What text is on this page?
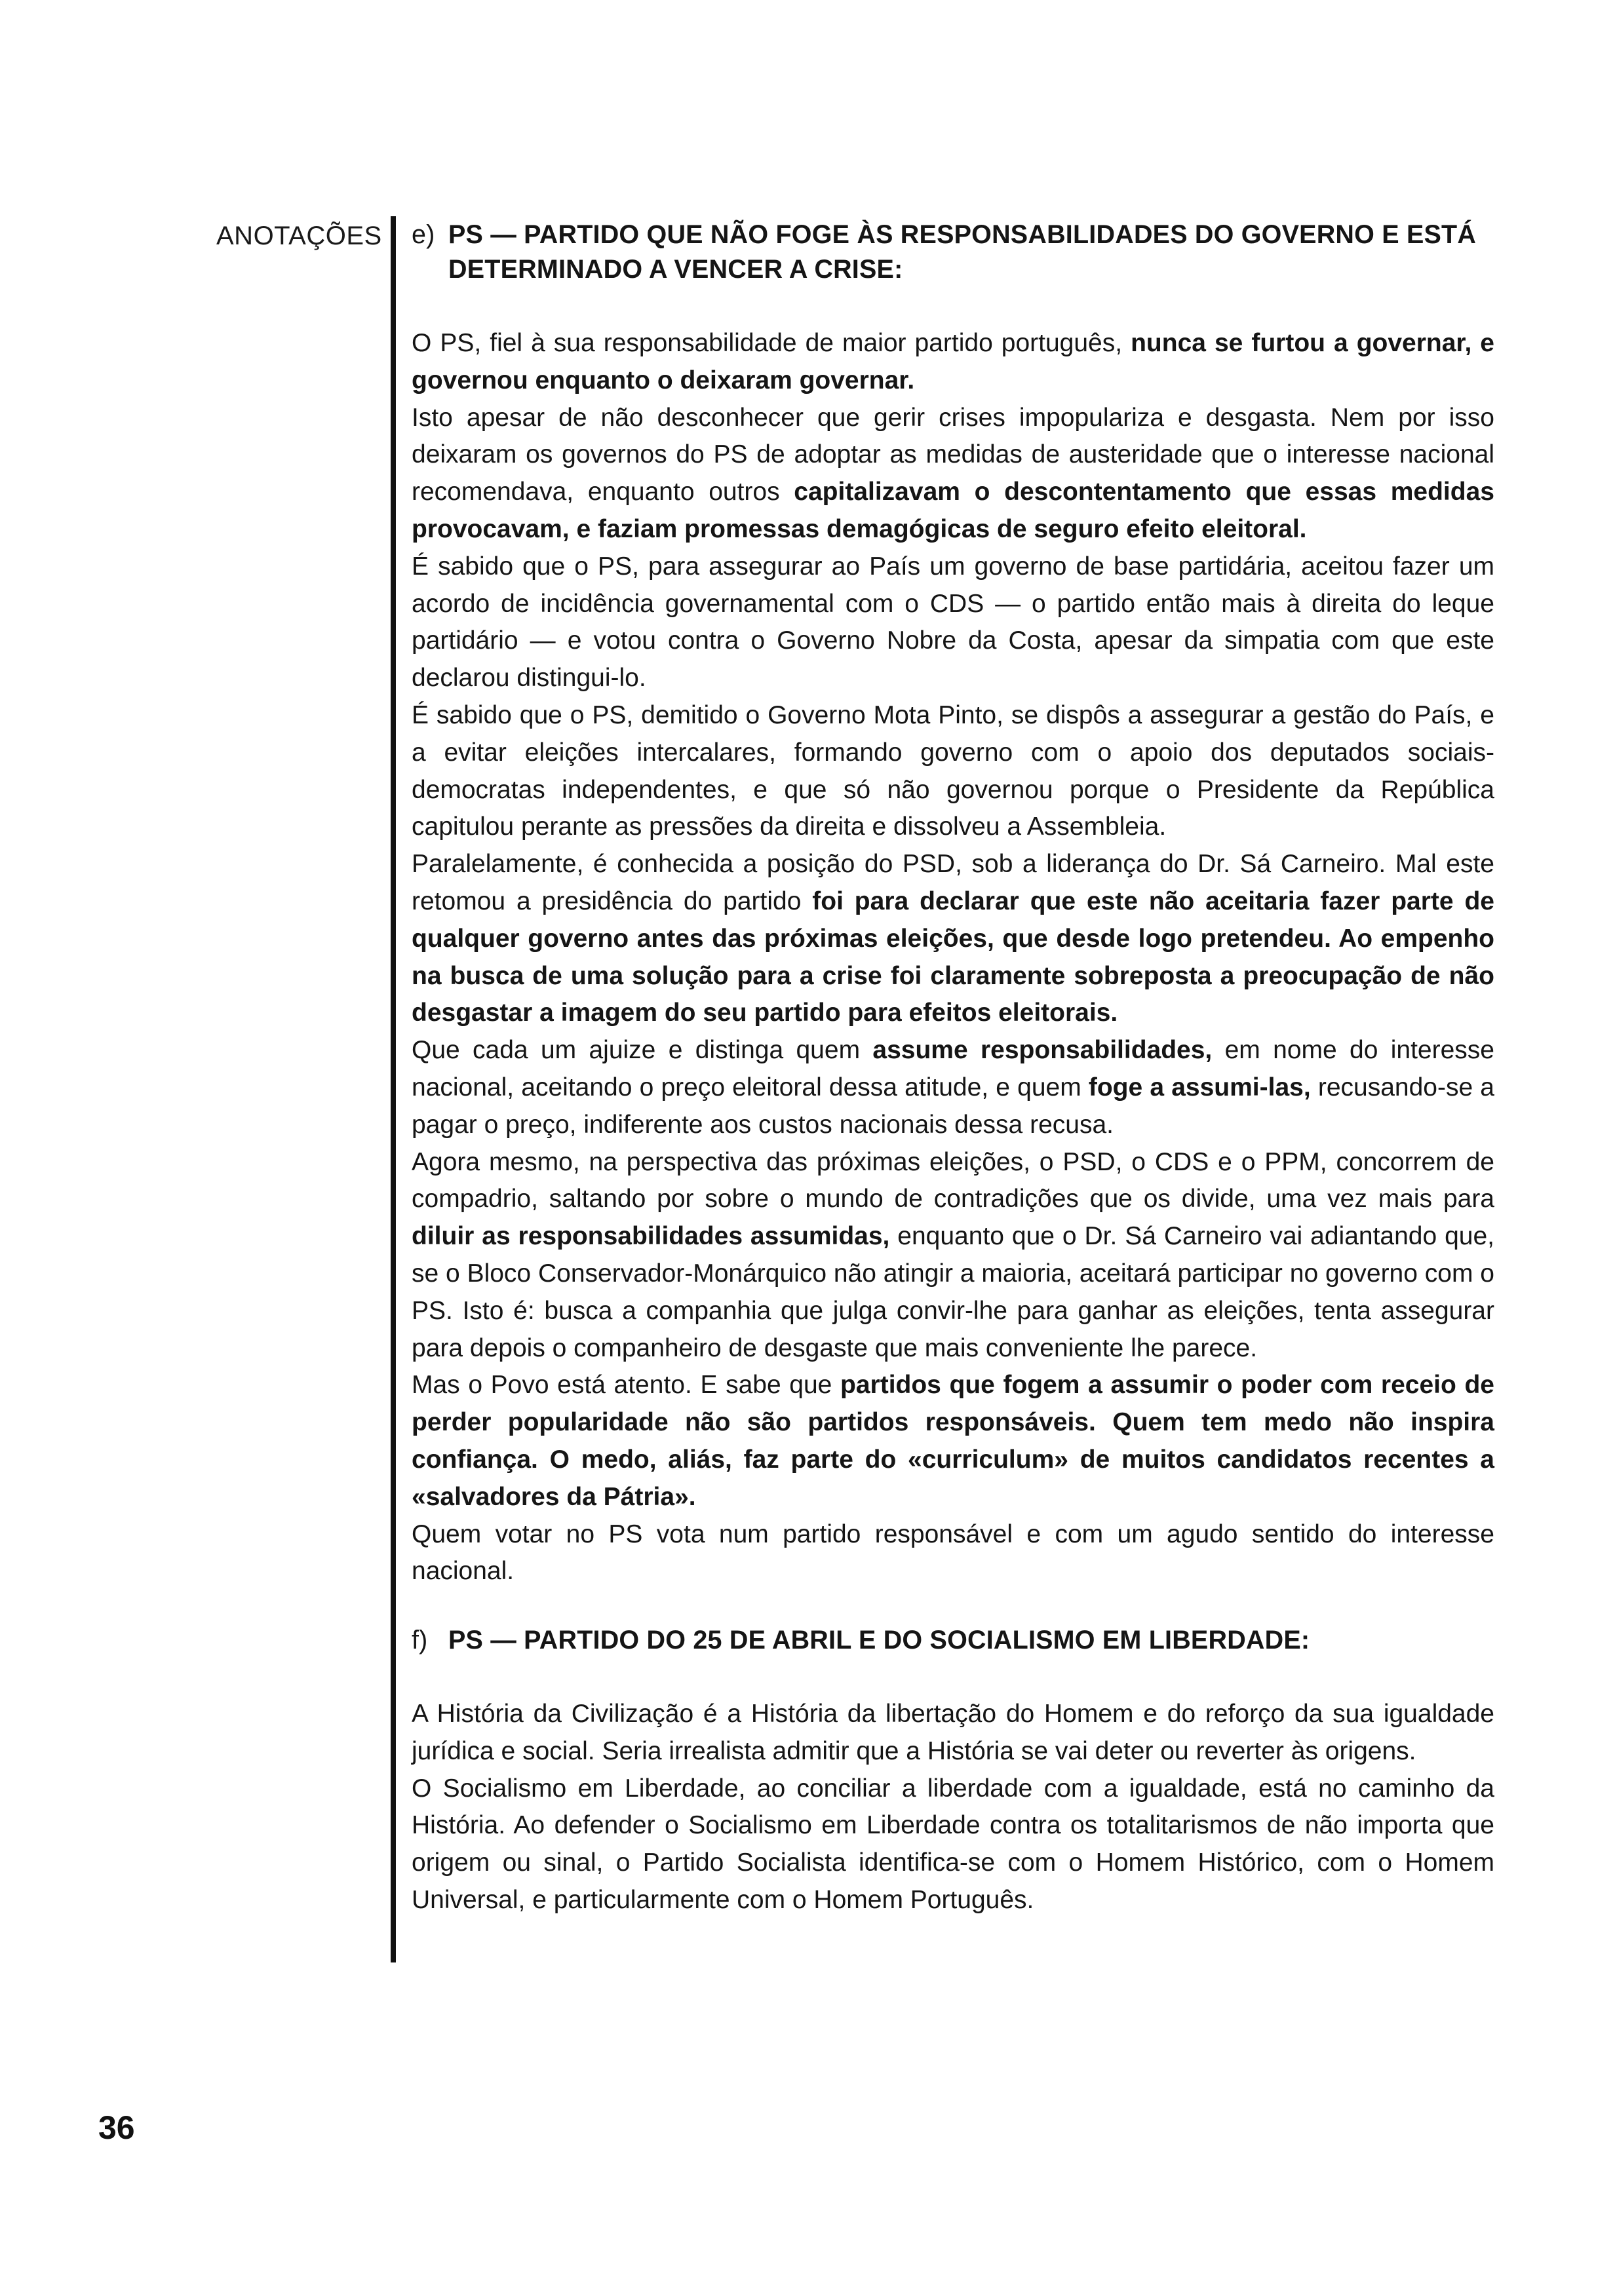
ANOTAÇÕES e) PS — PARTIDO QUE NÃO FOGE ÀS RESPONSABILIDADES DO GOVERNO E ESTÁ DETERMINADO A VENCER A CRISE:

O PS, fiel à sua responsabilidade de maior partido português, nunca se furtou a governar, e governou enquanto o deixaram governar.

Isto apesar de não desconhecer que gerir crises impopulariza e desgasta. Nem por isso deixaram os governos do PS de adoptar as medidas de austeridade que o interesse nacional recomendava, enquanto outros capitalizavam o descontentamento que essas medidas provocavam, e faziam promessas demagógicas de seguro efeito eleitoral.

É sabido que o PS, para assegurar ao País um governo de base partidária, aceitou fazer um acordo de incidência governamental com o CDS — o partido então mais à direita do leque partidário — e votou contra o Governo Nobre da Costa, apesar da simpatia com que este declarou distingui-lo.

É sabido que o PS, demitido o Governo Mota Pinto, se dispôs a assegurar a gestão do País, e a evitar eleições intercalares, formando governo com o apoio dos deputados sociais-democratas independentes, e que só não governou porque o Presidente da República capitulou perante as pressões da direita e dissolveu a Assembleia.

Paralelamente, é conhecida a posição do PSD, sob a liderança do Dr. Sá Carneiro. Mal este retomou a presidência do partido foi para declarar que este não aceitaria fazer parte de qualquer governo antes das próximas eleições, que desde logo pretendeu. Ao empenho na busca de uma solução para a crise foi claramente sobreposta a preocupação de não desgastar a imagem do seu partido para efeitos eleitorais.

Que cada um ajuize e distinga quem assume responsabilidades, em nome do interesse nacional, aceitando o preço eleitoral dessa atitude, e quem foge a assumi-las, recusando-se a pagar o preço, indiferente aos custos nacionais dessa recusa.

Agora mesmo, na perspectiva das próximas eleições, o PSD, o CDS e o PPM, concorrem de compadrio, saltando por sobre o mundo de contradições que os divide, uma vez mais para diluir as responsabilidades assumidas, enquanto que o Dr. Sá Carneiro vai adiantando que, se o Bloco Conservador-Monárquico não atingir a maioria, aceitará participar no governo com o PS. Isto é: busca a companhia que julga convir-lhe para ganhar as eleições, tenta assegurar para depois o companheiro de desgaste que mais conveniente lhe parece.

Mas o Povo está atento. E sabe que partidos que fogem a assumir o poder com receio de perder popularidade não são partidos responsáveis. Quem tem medo não inspira confiança. O medo, aliás, faz parte do «curriculum» de muitos candidatos recentes a «salvadores da Pátria».

Quem votar no PS vota num partido responsável e com um agudo sentido do interesse nacional.

f) PS — PARTIDO DO 25 DE ABRIL E DO SOCIALISMO EM LIBERDADE:

A História da Civilização é a História da libertação do Homem e do reforço da sua igualdade jurídica e social. Seria irrealista admitir que a História se vai deter ou reverter às origens.

O Socialismo em Liberdade, ao conciliar a liberdade com a igualdade, está no caminho da História. Ao defender o Socialismo em Liberdade contra os totalitarismos de não importa que origem ou sinal, o Partido Socialista identifica-se com o Homem Histórico, com o Homem Universal, e particularmente com o Homem Português.

36
